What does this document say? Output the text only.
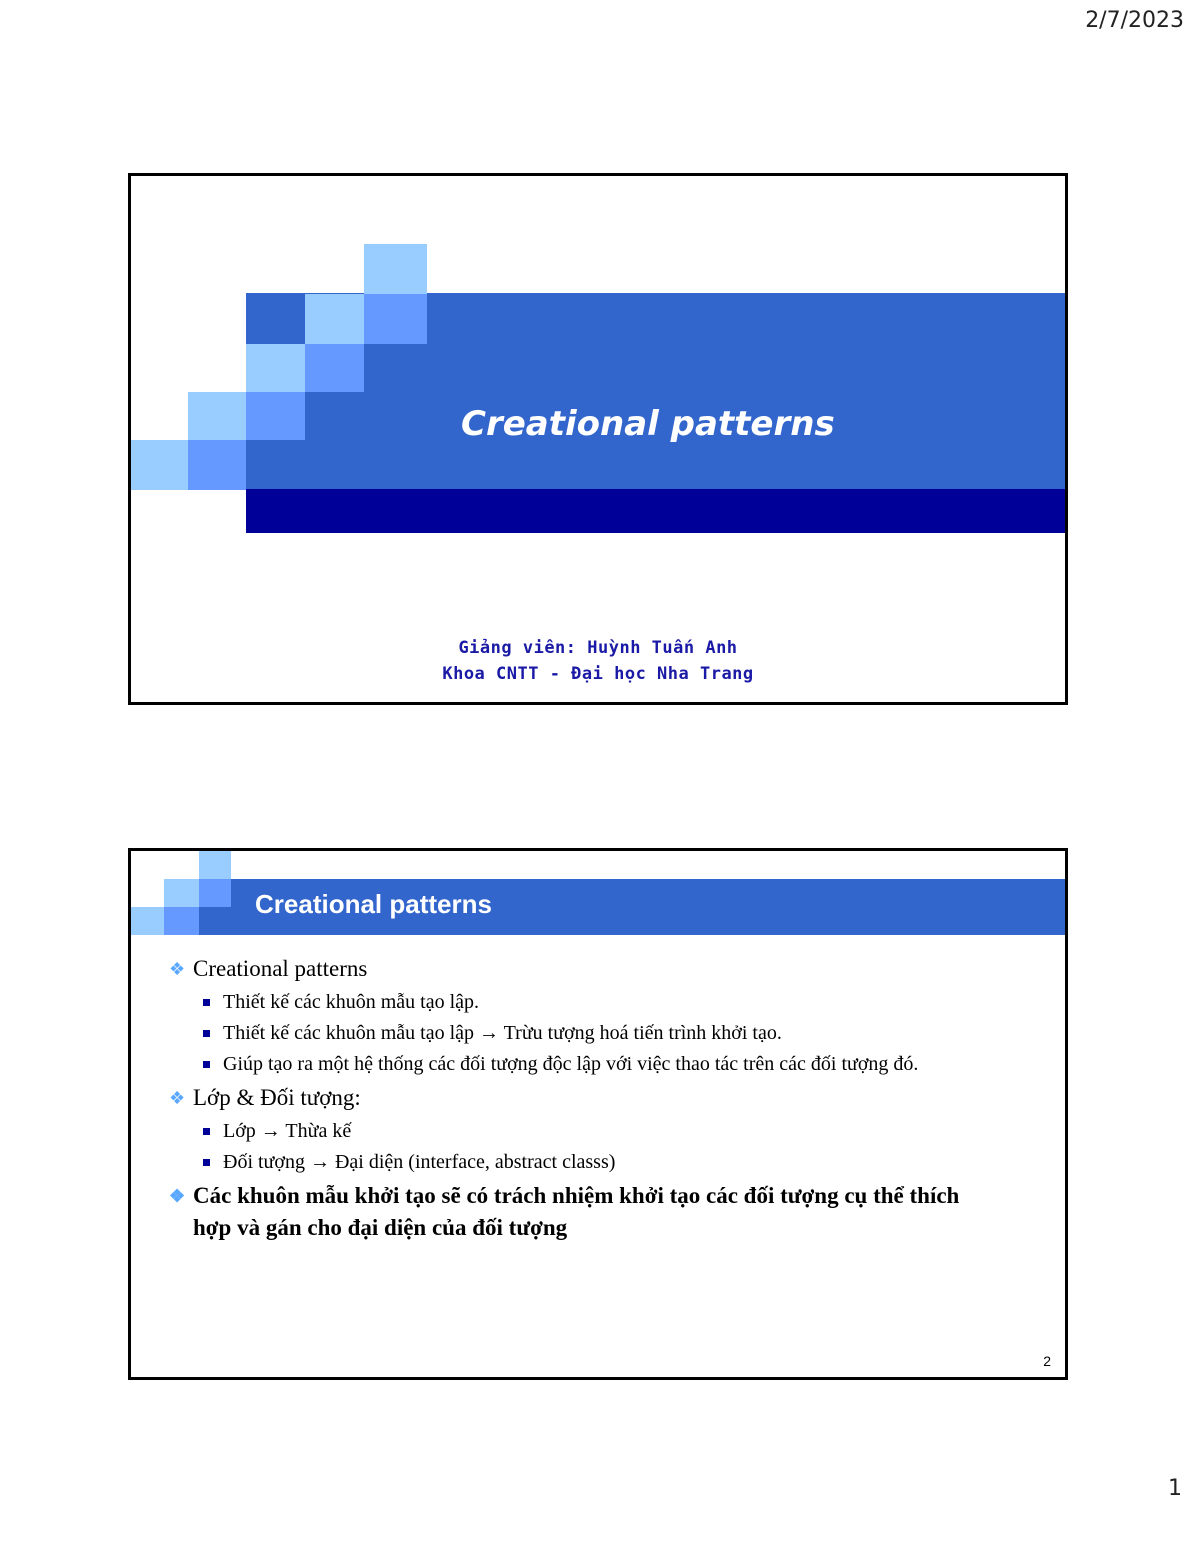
2/7/2023
Creational patterns
Giảng viên: Huỳnh Tuấn Anh
Khoa CNTT - Đại học Nha Trang
Creational patterns

❖ Creational patterns

Thiết kế các khuôn mẫu tạo lập.

Thiết kế các khuôn mẫu tạo lập → Trừu tượng hoá tiến trình khởi tạo.

Giúp tạo ra một hệ thống các đối tượng độc lập với việc thao tác trên các đối tượng đó.

❖ Lớp & Đối tượng:

Lớp → Thừa kế

Đối tượng → Đại diện (interface, abstract classs)

❖ Các khuôn mẫu khởi tạo sẽ có trách nhiệm khởi tạo các đối tượng cụ thể thích hợp và gán cho đại diện của đối tượng

2
1
